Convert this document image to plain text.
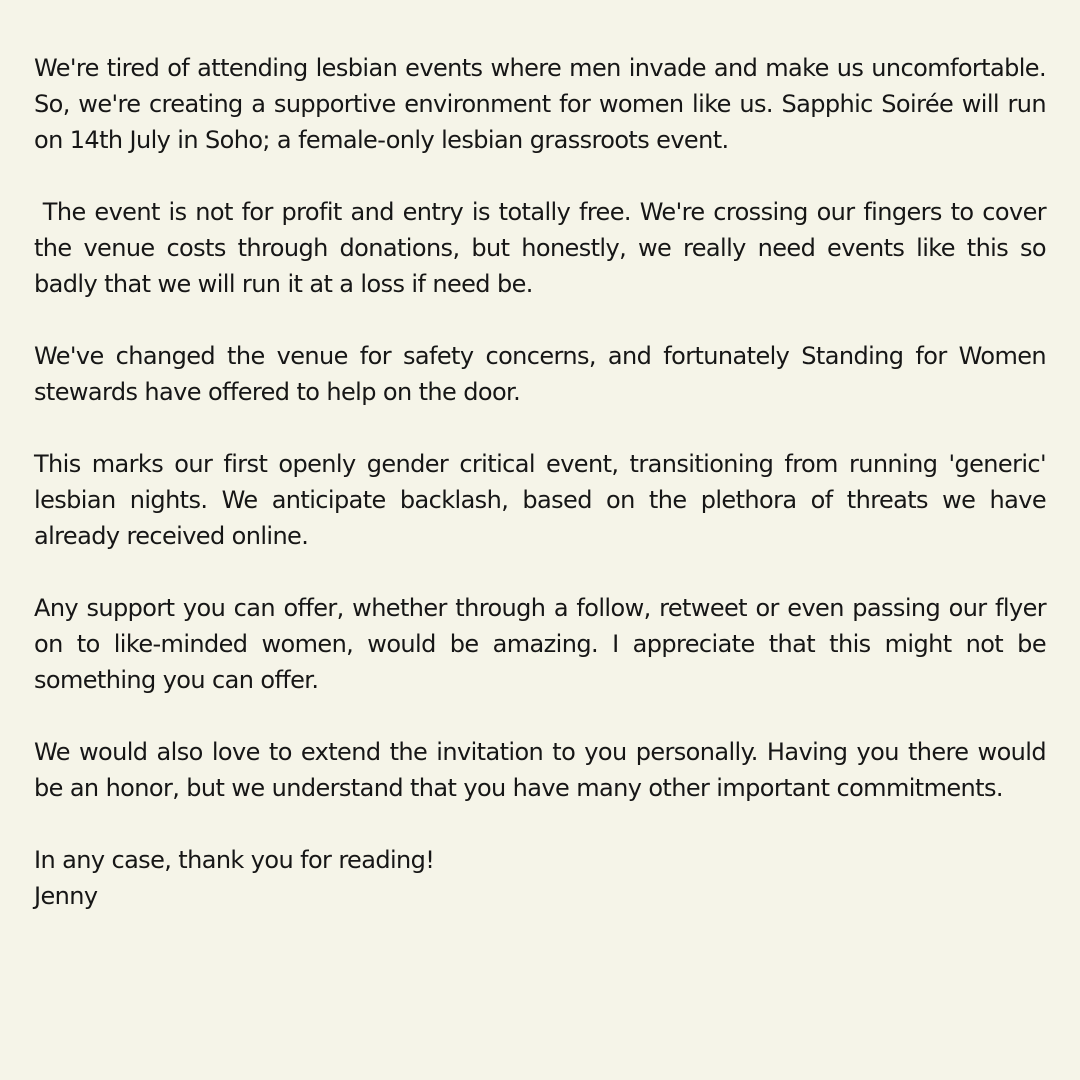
We're tired of attending lesbian events where men invade and make us uncomfortable. So, we're creating a supportive environment for women like us. Sapphic Soirée will run on 14th July in Soho; a female-only lesbian grassroots event.

The event is not for profit and entry is totally free. We're crossing our fingers to cover the venue costs through donations, but honestly, we really need events like this so badly that we will run it at a loss if need be.

We've changed the venue for safety concerns, and fortunately Standing for Women stewards have offered to help on the door.

This marks our first openly gender critical event, transitioning from running 'generic' lesbian nights. We anticipate backlash, based on the plethora of threats we have already received online.

Any support you can offer, whether through a follow, retweet or even passing our flyer on to like-minded women, would be amazing. I appreciate that this might not be something you can offer.

We would also love to extend the invitation to you personally. Having you there would be an honor, but we understand that you have many other important commitments.

In any case, thank you for reading!

Jenny
